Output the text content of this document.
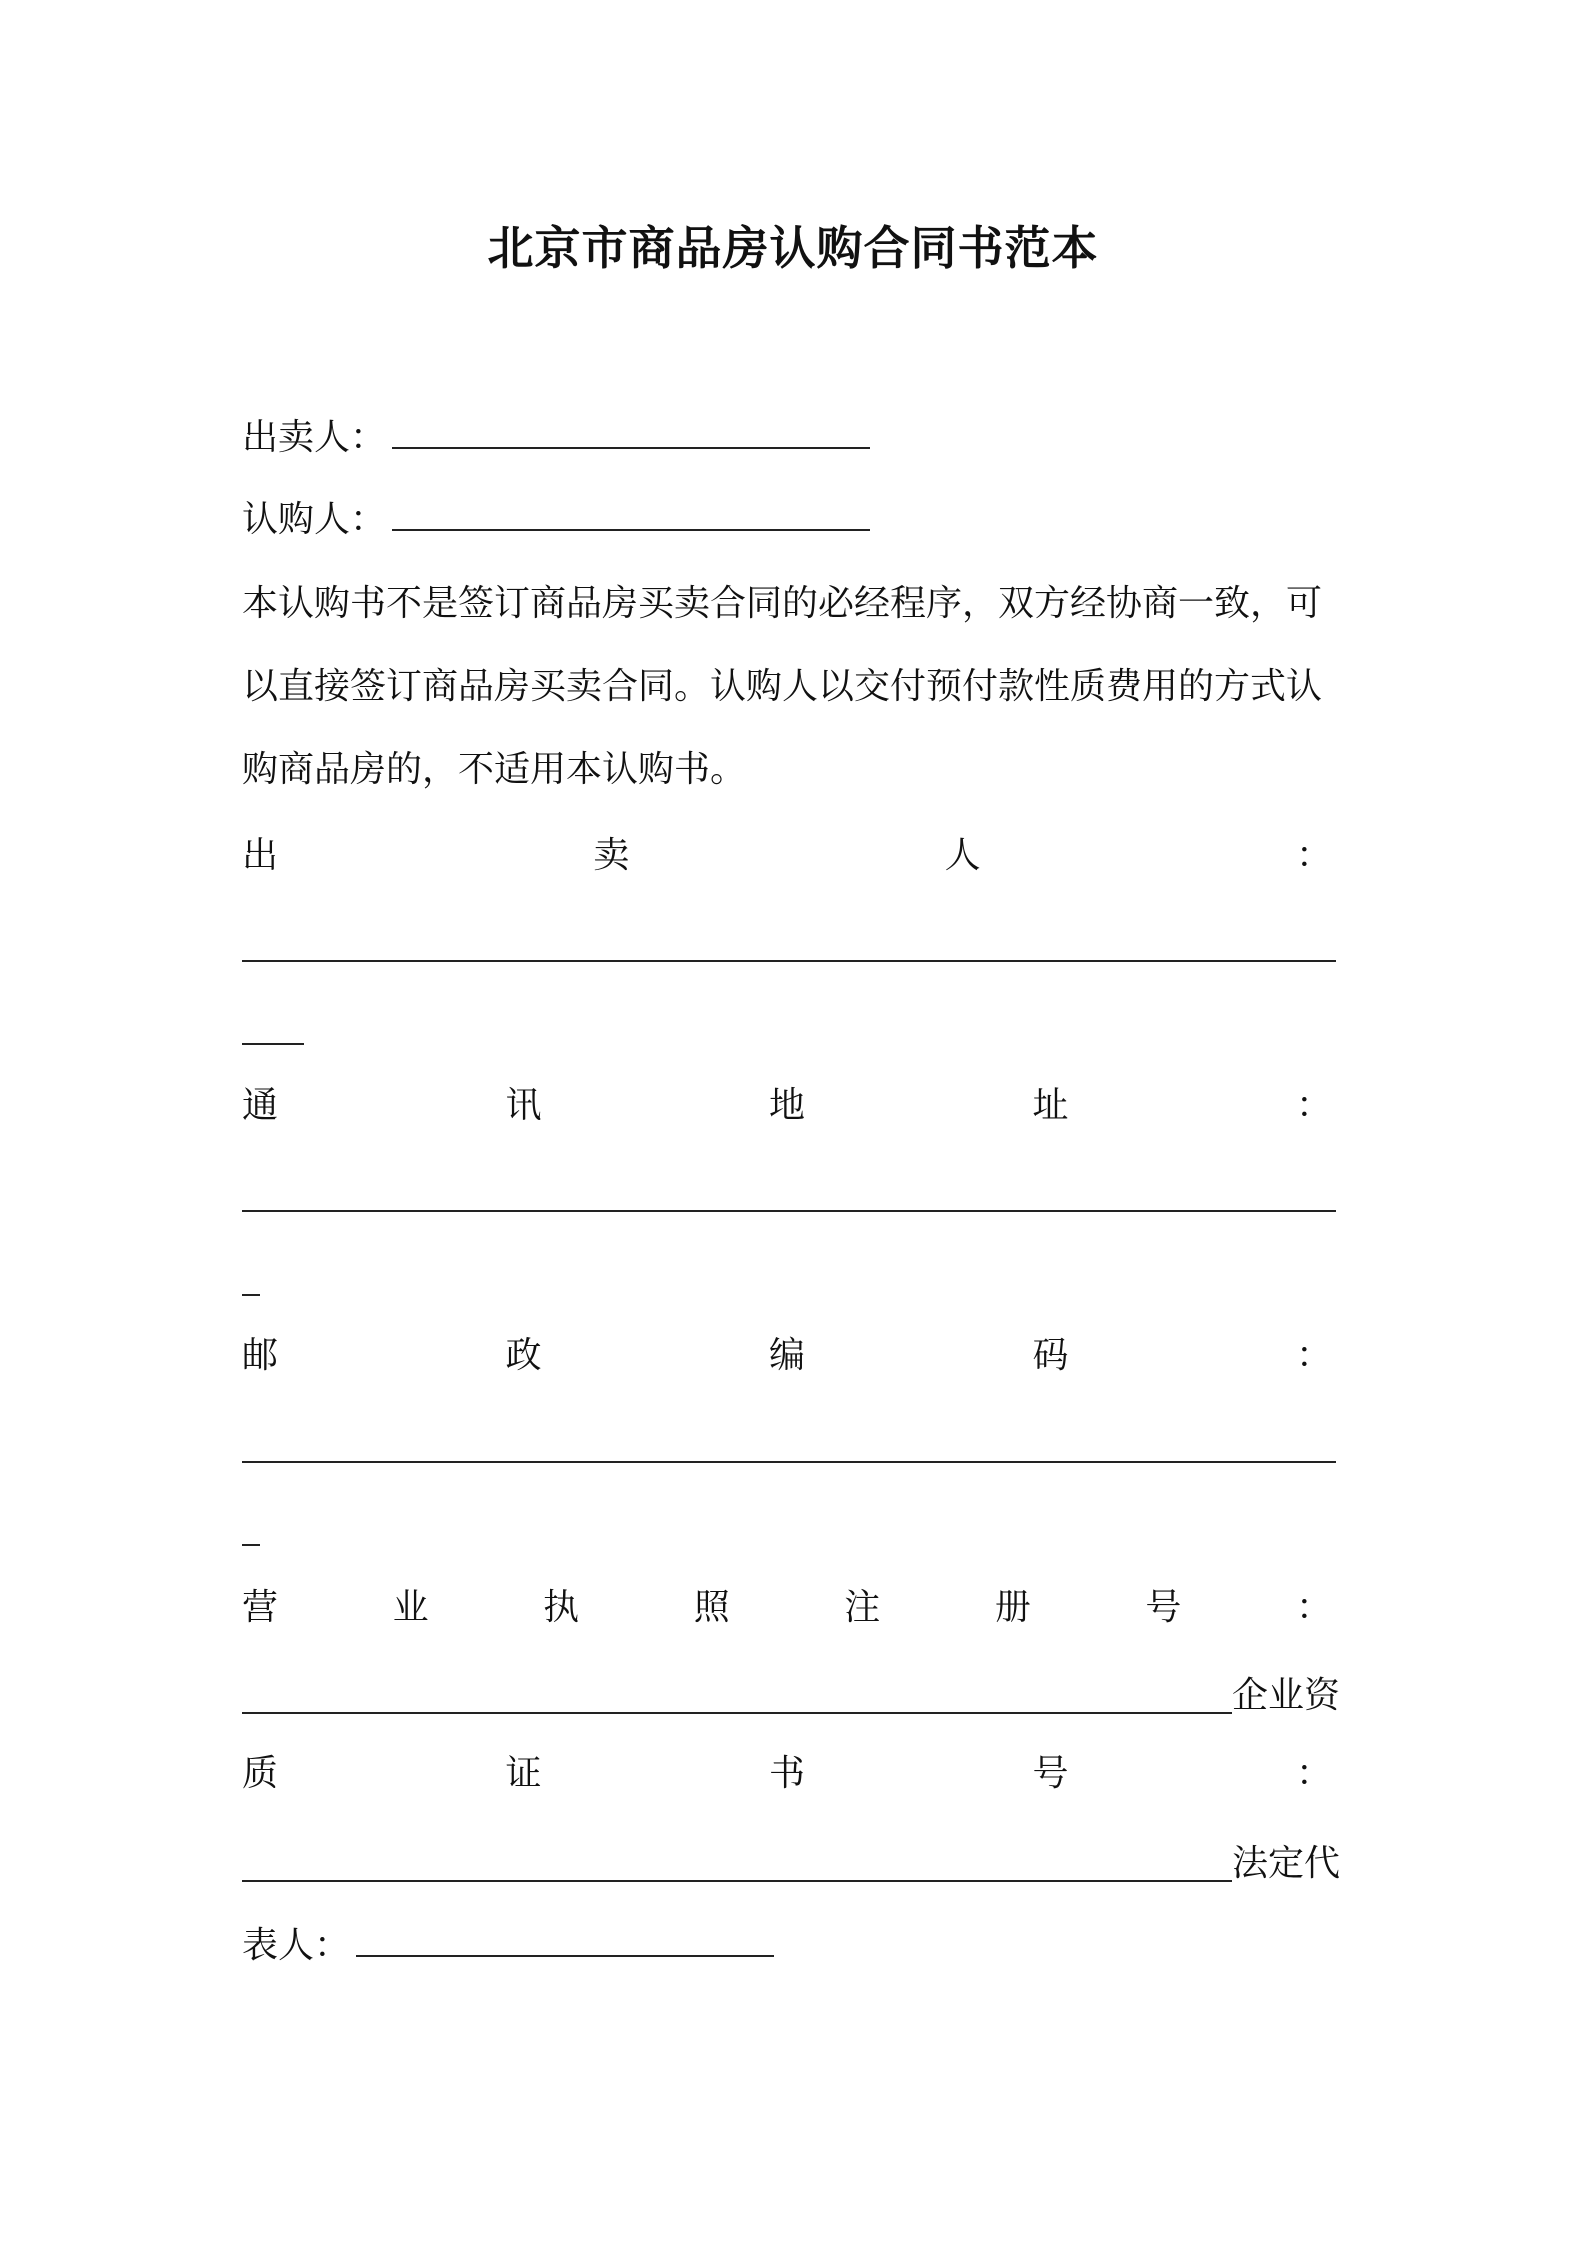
北京市商品房认购合同书范本
出卖人：
认购人：
本认购书不是签订商品房买卖合同的必经程序，双方经协商一致，可
以直接签订商品房买卖合同。认购人以交付预付款性质费用的方式认
购商品房的，不适用本认购书。
出	卖	人	：
通	讯	地	址	：
邮	政	编	码	：
营	业	执	照	注	册	号	：
企业资
质	证	书	号	：
法定代
表人：
